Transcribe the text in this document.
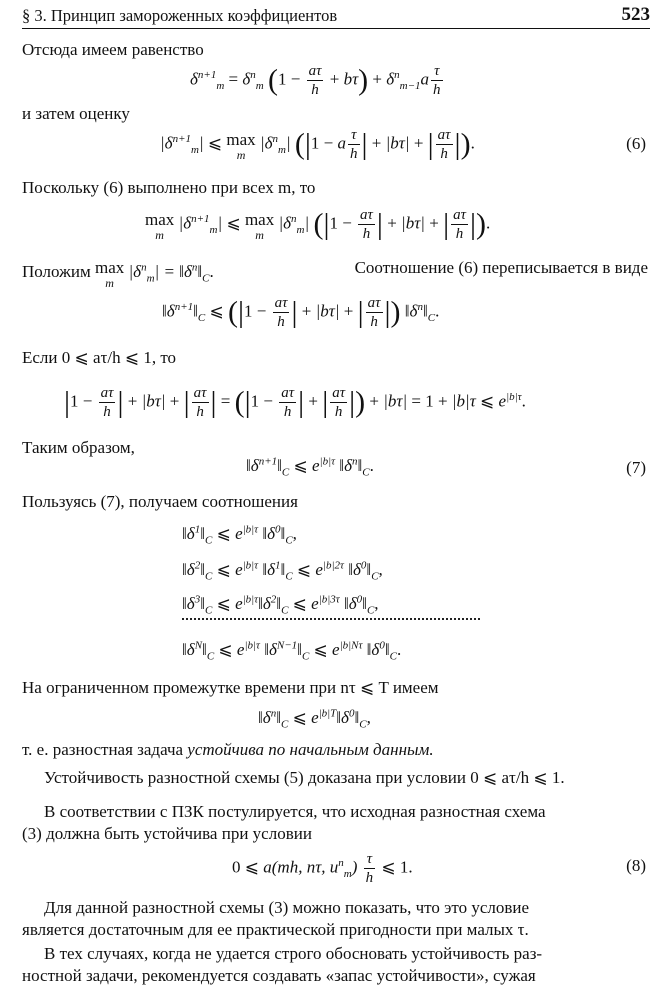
§ 3. Принцип замороженных коэффициентов	523
Отсюда имеем равенство
$\delta^{n+1}_m = \delta^n_m$ $(1 - \frac{a\tau}{h} + b\tau) + \delta^n_{m-1}a \frac{\tau}{h}$
и затем оценку
$|\delta^{n+1}_m|$ ⩽ max
m
$|\delta^n_m|$ (|1 − a $\frac{\tau}{h}$ | + |bτ| + | $\frac{a\tau}{h}$ |).	(6)
Поскольку (6) выполнено при всех m, то
max
m
$|\delta^{n+1}_m|$ ⩽ max
m
$|\delta^n_m|$ ($|1 - \frac{a\tau}{h}$ | + |bτ| + | $\frac{a\tau}{h}$ |).
Положим max
m
$|\delta^n_m|$ = $‖\delta^n‖_C$.	Соотношение (6) переписывается в виде
$‖\delta^{n+1}‖_C$ ⩽ ($|1 - \frac{a\tau}{h}$ | + |bτ| + | $\frac{a\tau}{h}$ |) $‖\delta^n‖_C$.
Если 0 ⩽ aτ/h ⩽ 1, то
$|1 - \frac{a\tau}{h}$ | + |bτ| + | $\frac{a\tau}{h}$ | = ($|1 - \frac{a\tau}{h}$ | + | $\frac{a\tau}{h}$ |) + |bτ| = 1 + |b|τ ⩽ $e^{|b|\tau}$.
Таким образом,
$‖\delta^{n+1}‖_C$ ⩽ $e^{|b|\tau}$ $‖\delta^n‖_C$.	(7)
Пользуясь (7), получаем соотношения
$‖\delta^1‖_C$ ⩽ $e^{|b|\tau}$ $‖\delta^0‖_C$,
$‖\delta^2‖_C$ ⩽ $e^{|b|\tau}$ $‖\delta^1‖_C$ ⩽ $e^{|b|2\tau}$ $‖\delta^0‖_C$,
$‖\delta^3‖_C$ ⩽ $e^{|b|\tau}‖\delta^2‖_C$ ⩽ $e^{|b|3\tau}$ $‖\delta^0‖_C$,
$‖\delta^N‖_C$ ⩽ $e^{|b|\tau}$ $‖\delta^{N-1}‖_C$ ⩽ $e^{|b|N\tau}$ $‖\delta^0‖_C$.
На ограниченном промежутке времени при nτ ⩽ T имеем
$‖\delta^n‖_C$ ⩽ $e^{|b|T}‖\delta^0‖_C$,
т. е. разностная задача устойчива по начальным данным.
Устойчивость разностной схемы (5) доказана при условии 0 ⩽ aτ/h ⩽ 1.
В соответствии с ПЗК постулируется, что исходная разностная схема
(3) должна быть устойчива при условии
0 ⩽ a(mh, nτ, $u^n_m) \frac{\tau}{h}$ ⩽ 1.	(8)
Для данной разностной схемы (3) можно показать, что это условие
является достаточным для ее практической пригодности при малых τ.
В тех случаях, когда не удается строго обосновать устойчивость раз-
ностной задачи, рекомендуется создавать «запас устойчивости», сужая
